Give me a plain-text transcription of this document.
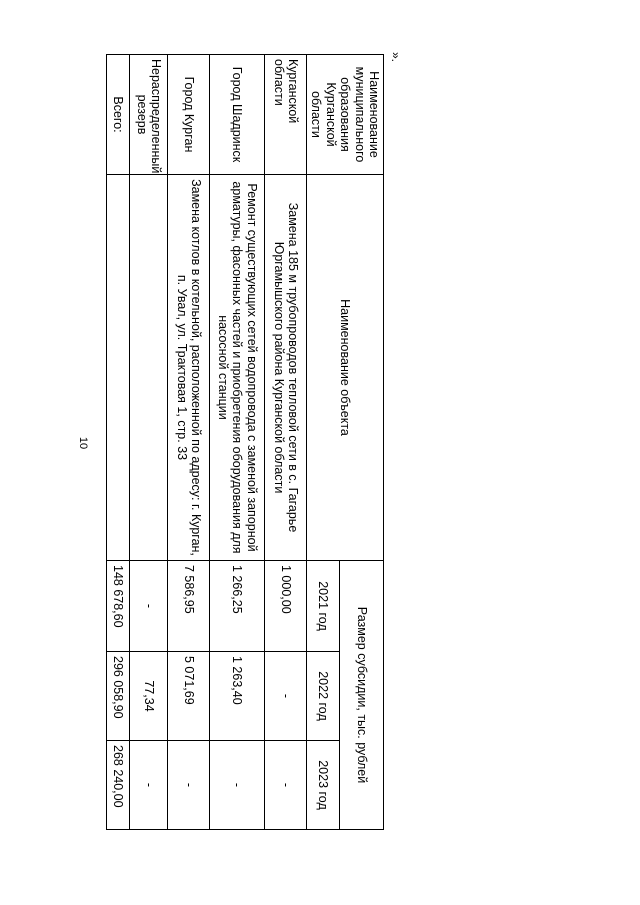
10
».
Наименование муниципального образования Курганской области	Наименование объекта	Размер субсидии, тыс. рублей		
		2021 год	2022 год	2023 год
Курганской области	Замена 185 м трубопроводов тепловой сети в с. Гагарье Юргамышского района Курганской области	1 000,00	-	-
Город Шадринск	Ремонт существующих сетей водопровода с заменой запорной арматуры, фасонных частей и приобретения оборудования для насосной станции	1 266,25	1 263,40	-
Город Курган	Замена котлов в котельной, расположенной по адресу: г. Курган, п. Увал, ул. Трактовая 1, стр. 33	7 586,95	5 071,69	-
Нераспределенный резерв		-	77,34	-
Всего:		148 678,60	296 058,90	268 240,00
